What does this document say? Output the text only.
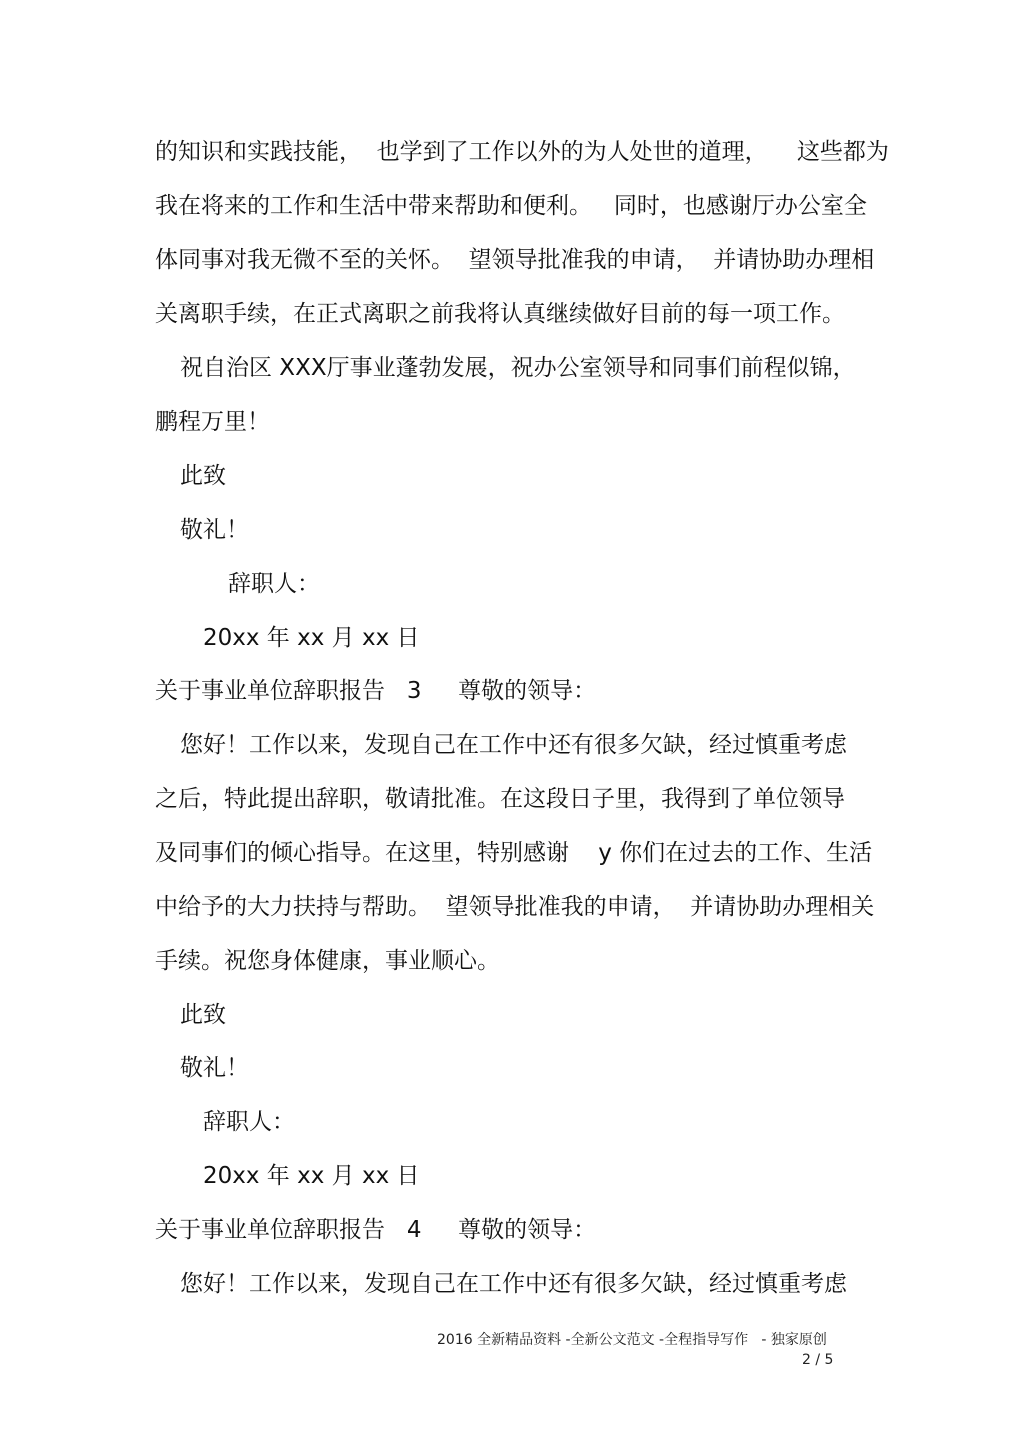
的知识和实践技能，  也学到了工作以外的为人处世的道理，    这些都为
我在将来的工作和生活中带来帮助和便利。   同时，也感谢厅办公室全
体同事对我无微不至的关怀。  望领导批准我的申请，  并请协助办理相
关离职手续，在正式离职之前我将认真继续做好目前的每一项工作。
祝自治区 XXX厅事业蓬勃发展，祝办公室领导和同事们前程似锦，
鹏程万里！
此致
敬礼！
辞职人：
20xx 年 xx 月 xx 日
关于事业单位辞职报告   3     尊敬的领导：
您好！工作以来，发现自己在工作中还有很多欠缺，经过慎重考虑
之后，特此提出辞职，敬请批准。在这段日子里，我得到了单位领导
及同事们的倾心指导。在这里，特别感谢    y 你们在过去的工作、生活
中给予的大力扶持与帮助。  望领导批准我的申请，  并请协助办理相关
手续。祝您身体健康，事业顺心。
此致
敬礼！
辞职人：
20xx 年 xx 月 xx 日
关于事业单位辞职报告   4     尊敬的领导：
您好！工作以来，发现自己在工作中还有很多欠缺，经过慎重考虑
2016 全新精品资料 -全新公文范文 -全程指导写作   - 独家原创
2 / 5
